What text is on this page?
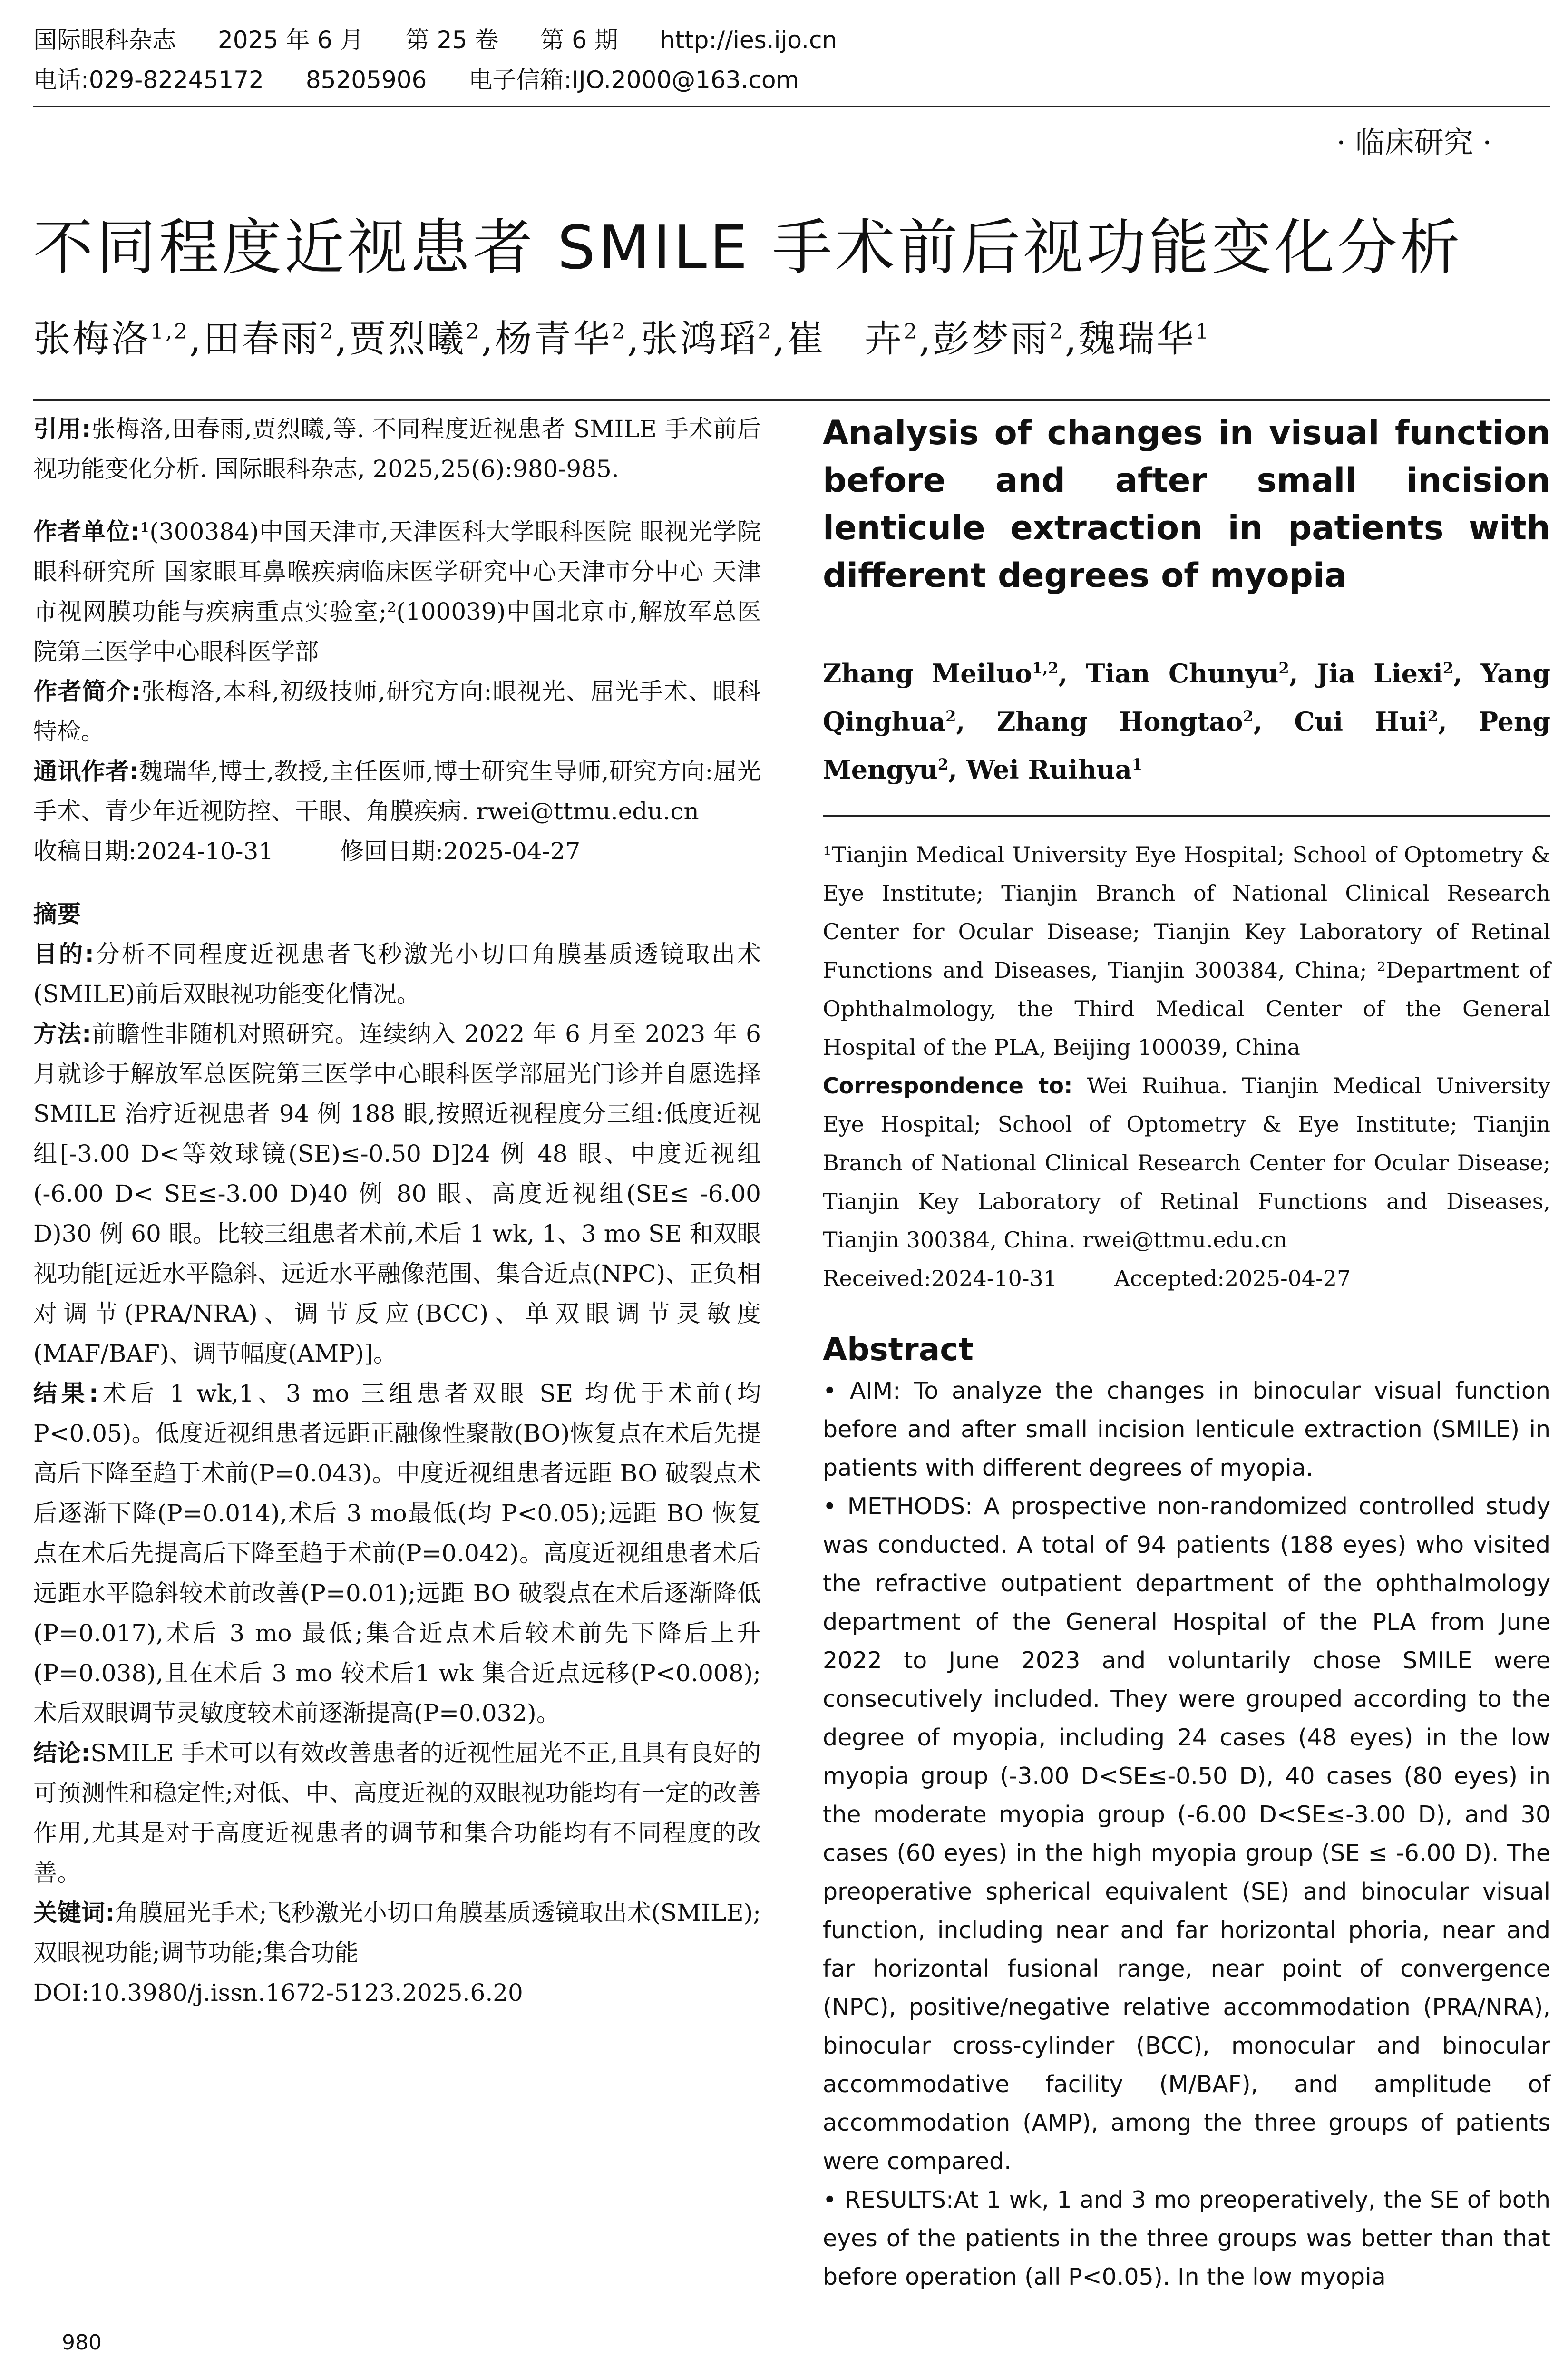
国际眼科杂志 2025 年 6 月 第 25 卷 第 6 期 http://ies.ijo.cn
电话:029-82245172 85205906 电子信箱:IJO.2000@163.com
· 临床研究 ·
不同程度近视患者 SMILE 手术前后视功能变化分析
张梅洛$^{1,2}$,田春雨$^2$,贾烈曦$^2$,杨青华$^2$,张鸿瑫$^2$,崔　卉$^2$,彭梦雨$^2$,魏瑞华$^1$

引用:张梅洛,田春雨,贾烈曦,等. 不同程度近视患者 SMILE 手术前后视功能变化分析. 国际眼科杂志, 2025,25(6):980-985.

作者单位:¹(300384)中国天津市,天津医科大学眼科医院 眼视光学院 眼科研究所 国家眼耳鼻喉疾病临床医学研究中心天津市分中心 天津市视网膜功能与疾病重点实验室;²(100039)中国北京市,解放军总医院第三医学中心眼科医学部

作者简介:张梅洛,本科,初级技师,研究方向:眼视光、屈光手术、眼科特检。

通讯作者:魏瑞华,博士,教授,主任医师,博士研究生导师,研究方向:屈光手术、青少年近视防控、干眼、角膜疾病. rwei@ttmu.edu.cn

收稿日期:2024-10-31	修回日期:2025-04-27

摘要

目的:分析不同程度近视患者飞秒激光小切口角膜基质透镜取出术(SMILE)前后双眼视功能变化情况。

方法:前瞻性非随机对照研究。连续纳入 2022 年 6 月至 2023 年 6 月就诊于解放军总医院第三医学中心眼科医学部屈光门诊并自愿选择 SMILE 治疗近视患者 94 例 188 眼,按照近视程度分三组:低度近视组[-3.00 D<等效球镜(SE)≤-0.50 D]24 例 48 眼、中度近视组(-6.00 D< SE≤-3.00 D)40 例 80 眼、高度近视组(SE≤ -6.00 D)30 例 60 眼。比较三组患者术前,术后 1 wk, 1、3 mo SE 和双眼视功能[远近水平隐斜、远近水平融像范围、集合近点(NPC)、正负相对调节(PRA/NRA)、调节反应(BCC)、单双眼调节灵敏度(MAF/BAF)、调节幅度(AMP)]。

结果:术后 1 wk,1、3 mo 三组患者双眼 SE 均优于术前(均 P<0.05)。低度近视组患者远距正融像性聚散(BO)恢复点在术后先提高后下降至趋于术前(P=0.043)。中度近视组患者远距 BO 破裂点术后逐渐下降(P=0.014),术后 3 mo最低(均 P<0.05);远距 BO 恢复点在术后先提高后下降至趋于术前(P=0.042)。高度近视组患者术后远距水平隐斜较术前改善(P=0.01);远距 BO 破裂点在术后逐渐降低(P=0.017),术后 3 mo 最低;集合近点术后较术前先下降后上升(P=0.038),且在术后 3 mo 较术后1 wk 集合近点远移(P<0.008);术后双眼调节灵敏度较术前逐渐提高(P=0.032)。

结论:SMILE 手术可以有效改善患者的近视性屈光不正,且具有良好的可预测性和稳定性;对低、中、高度近视的双眼视功能均有一定的改善作用,尤其是对于高度近视患者的调节和集合功能均有不同程度的改善。

关键词:角膜屈光手术;飞秒激光小切口角膜基质透镜取出术(SMILE);双眼视功能;调节功能;集合功能

DOI:10.3980/j.issn.1672-5123.2025.6.20

Analysis of changes in visual function before and after small incision lenticule extraction in patients with different degrees of myopia

Zhang Meiluo$^{1,2}$, Tian Chunyu$^2$, Jia Liexi$^2$, Yang Qinghua$^2$, Zhang Hongtao$^2$, Cui Hui$^2$, Peng Mengyu$^2$, Wei Ruihua$^1$

¹Tianjin Medical University Eye Hospital; School of Optometry & Eye Institute; Tianjin Branch of National Clinical Research Center for Ocular Disease; Tianjin Key Laboratory of Retinal Functions and Diseases, Tianjin 300384, China; ²Department of Ophthalmology, the Third Medical Center of the General Hospital of the PLA, Beijing 100039, China

Correspondence to: Wei Ruihua. Tianjin Medical University Eye Hospital; School of Optometry & Eye Institute; Tianjin Branch of National Clinical Research Center for Ocular Disease; Tianjin Key Laboratory of Retinal Functions and Diseases, Tianjin 300384, China. rwei@ttmu.edu.cn

Received:2024-10-31	Accepted:2025-04-27

Abstract

• AIM: To analyze the changes in binocular visual function before and after small incision lenticule extraction (SMILE) in patients with different degrees of myopia.

• METHODS: A prospective non-randomized controlled study was conducted. A total of 94 patients (188 eyes) who visited the refractive outpatient department of the ophthalmology department of the General Hospital of the PLA from June 2022 to June 2023 and voluntarily chose SMILE were consecutively included. They were grouped according to the degree of myopia, including 24 cases (48 eyes) in the low myopia group (-3.00 D<SE≤-0.50 D), 40 cases (80 eyes) in the moderate myopia group (-6.00 D<SE≤-3.00 D), and 30 cases (60 eyes) in the high myopia group (SE ≤ -6.00 D). The preoperative spherical equivalent (SE) and binocular visual function, including near and far horizontal phoria, near and far horizontal fusional range, near point of convergence (NPC), positive/negative relative accommodation (PRA/NRA), binocular cross-cylinder (BCC), monocular and binocular accommodative facility (M/BAF), and amplitude of accommodation (AMP), among the three groups of patients were compared.

• RESULTS:At 1 wk, 1 and 3 mo preoperatively, the SE of both eyes of the patients in the three groups was better than that before operation (all P<0.05). In the low myopia

980
